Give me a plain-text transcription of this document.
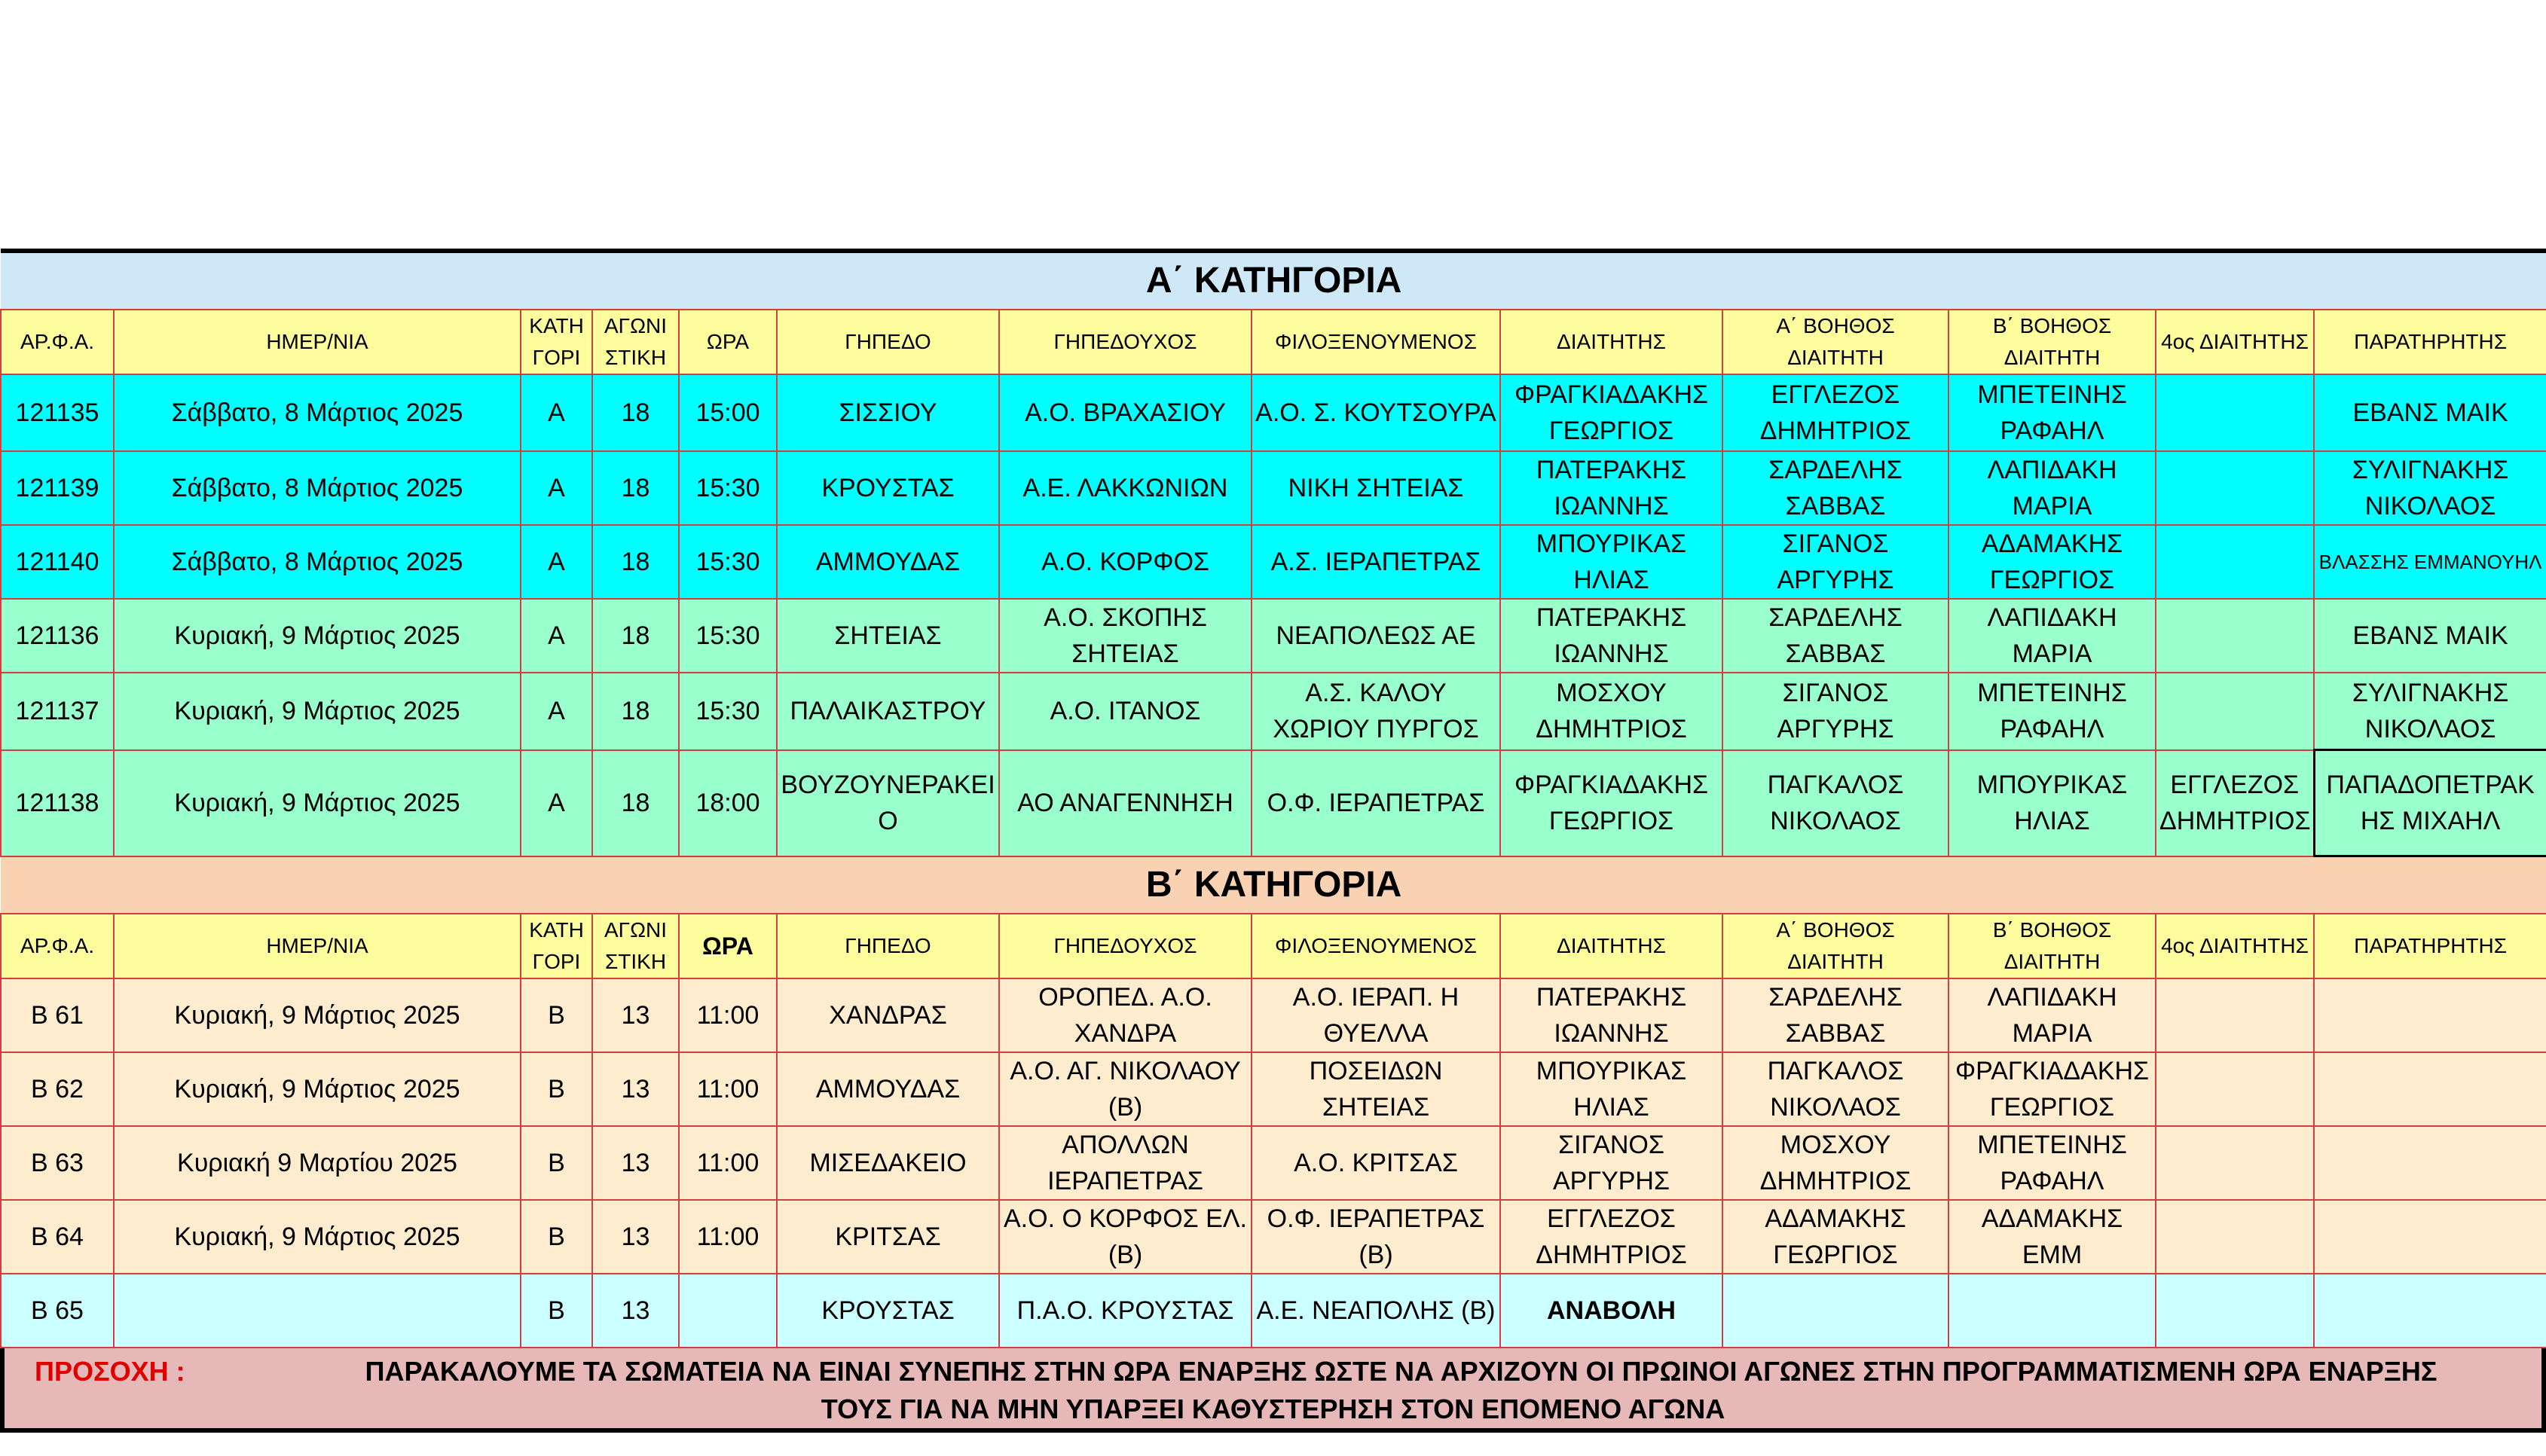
Α΄ ΚΑΤΗΓΟΡΙΑ												
ΑΡ.Φ.Α.	ΗΜΕΡ/ΝΙΑ	ΚΑΤΗ ΓΟΡΙ	ΑΓΩΝΙ ΣΤΙΚΗ	ΩΡΑ	ΓΗΠΕΔΟ	ΓΗΠΕΔΟΥΧΟΣ	ΦΙΛΟΞΕΝΟΥΜΕΝΟΣ	ΔΙΑΙΤΗΤΗΣ	Α΄ ΒΟΗΘΟΣ ΔΙΑΙΤΗΤΗ	Β΄ ΒΟΗΘΟΣ ΔΙΑΙΤΗΤΗ	4ος ΔΙΑΙΤΗΤΗΣ	ΠΑΡΑΤΗΡΗΤΗΣ
121135	Σάββατο, 8 Μάρτιος 2025	Α	18	15:00	ΣΙΣΣΙΟΥ	Α.Ο. ΒΡΑΧΑΣΙΟΥ	Α.Ο. Σ. ΚΟΥΤΣΟΥΡΑ	ΦΡΑΓΚΙΑΔΑΚΗΣ ΓΕΩΡΓΙΟΣ	ΕΓΓΛΕΖΟΣ ΔΗΜΗΤΡΙΟΣ	ΜΠΕΤΕΙΝΗΣ ΡΑΦΑΗΛ		ΕΒΑΝΣ ΜΑΙΚ
121139	Σάββατο, 8 Μάρτιος 2025	Α	18	15:30	ΚΡΟΥΣΤΑΣ	Α.Ε. ΛΑΚΚΩΝΙΩΝ	ΝΙΚΗ ΣΗΤΕΙΑΣ	ΠΑΤΕΡΑΚΗΣ ΙΩΑΝΝΗΣ	ΣΑΡΔΕΛΗΣ ΣΑΒΒΑΣ	ΛΑΠΙΔΑΚΗ ΜΑΡΙΑ		ΣΥΛΙΓΝΑΚΗΣ ΝΙΚΟΛΑΟΣ
121140	Σάββατο, 8 Μάρτιος 2025	Α	18	15:30	ΑΜΜΟΥΔΑΣ	Α.Ο. ΚΟΡΦΟΣ	Α.Σ. ΙΕΡΑΠΕΤΡΑΣ	ΜΠΟΥΡΙΚΑΣ ΗΛΙΑΣ	ΣΙΓΑΝΟΣ ΑΡΓΥΡΗΣ	ΑΔΑΜΑΚΗΣ ΓΕΩΡΓΙΟΣ		ΒΛΑΣΣΗΣ ΕΜΜΑΝΟΥΗΛ
121136	Κυριακή, 9 Μάρτιος 2025	Α	18	15:30	ΣΗΤΕΙΑΣ	Α.Ο. ΣΚΟΠΗΣ ΣΗΤΕΙΑΣ	ΝΕΑΠΟΛΕΩΣ ΑΕ	ΠΑΤΕΡΑΚΗΣ ΙΩΑΝΝΗΣ	ΣΑΡΔΕΛΗΣ ΣΑΒΒΑΣ	ΛΑΠΙΔΑΚΗ ΜΑΡΙΑ		ΕΒΑΝΣ ΜΑΙΚ
121137	Κυριακή, 9 Μάρτιος 2025	Α	18	15:30	ΠΑΛΑΙΚΑΣΤΡΟΥ	Α.Ο. ΙΤΑΝΟΣ	Α.Σ. ΚΑΛΟΥ ΧΩΡΙΟΥ ΠΥΡΓΟΣ	ΜΟΣΧΟΥ ΔΗΜΗΤΡΙΟΣ	ΣΙΓΑΝΟΣ ΑΡΓΥΡΗΣ	ΜΠΕΤΕΙΝΗΣ ΡΑΦΑΗΛ		ΣΥΛΙΓΝΑΚΗΣ ΝΙΚΟΛΑΟΣ
121138	Κυριακή, 9 Μάρτιος 2025	Α	18	18:00	ΒΟΥΖΟΥΝΕΡΑΚΕΙΟ	ΑΟ ΑΝΑΓΕΝΝΗΣΗ	Ο.Φ. ΙΕΡΑΠΕΤΡΑΣ	ΦΡΑΓΚΙΑΔΑΚΗΣ ΓΕΩΡΓΙΟΣ	ΠΑΓΚΑΛΟΣ ΝΙΚΟΛΑΟΣ	ΜΠΟΥΡΙΚΑΣ ΗΛΙΑΣ	ΕΓΓΛΕΖΟΣ ΔΗΜΗΤΡΙΟΣ	ΠΑΠΑΔΟΠΕΤΡΑΚΗΣ ΜΙΧΑΗΛ
Β΄ ΚΑΤΗΓΟΡΙΑ												
ΑΡ.Φ.Α.	ΗΜΕΡ/ΝΙΑ	ΚΑΤΗ ΓΟΡΙ	ΑΓΩΝΙ ΣΤΙΚΗ	ΩΡΑ	ΓΗΠΕΔΟ	ΓΗΠΕΔΟΥΧΟΣ	ΦΙΛΟΞΕΝΟΥΜΕΝΟΣ	ΔΙΑΙΤΗΤΗΣ	Α΄ ΒΟΗΘΟΣ ΔΙΑΙΤΗΤΗ	Β΄ ΒΟΗΘΟΣ ΔΙΑΙΤΗΤΗ	4ος ΔΙΑΙΤΗΤΗΣ	ΠΑΡΑΤΗΡΗΤΗΣ
Β 61	Κυριακή, 9 Μάρτιος 2025	Β	13	11:00	ΧΑΝΔΡΑΣ	ΟΡΟΠΕΔ. Α.Ο. ΧΑΝΔΡΑ	Α.Ο. ΙΕΡΑΠ. Η ΘΥΕΛΛΑ	ΠΑΤΕΡΑΚΗΣ ΙΩΑΝΝΗΣ	ΣΑΡΔΕΛΗΣ ΣΑΒΒΑΣ	ΛΑΠΙΔΑΚΗ ΜΑΡΙΑ		
Β 62	Κυριακή, 9 Μάρτιος 2025	Β	13	11:00	ΑΜΜΟΥΔΑΣ	Α.Ο. ΑΓ. ΝΙΚΟΛΑΟΥ (Β)	ΠΟΣΕΙΔΩΝ ΣΗΤΕΙΑΣ	ΜΠΟΥΡΙΚΑΣ ΗΛΙΑΣ	ΠΑΓΚΑΛΟΣ ΝΙΚΟΛΑΟΣ	ΦΡΑΓΚΙΑΔΑΚΗΣ ΓΕΩΡΓΙΟΣ		
Β 63	Κυριακή 9 Μαρτίου 2025	Β	13	11:00	ΜΙΣΕΔΑΚΕΙΟ	ΑΠΟΛΛΩΝ ΙΕΡΑΠΕΤΡΑΣ	Α.Ο. ΚΡΙΤΣΑΣ	ΣΙΓΑΝΟΣ ΑΡΓΥΡΗΣ	ΜΟΣΧΟΥ ΔΗΜΗΤΡΙΟΣ	ΜΠΕΤΕΙΝΗΣ ΡΑΦΑΗΛ		
Β 64	Κυριακή, 9 Μάρτιος 2025	Β	13	11:00	ΚΡΙΤΣΑΣ	Α.Ο. Ο ΚΟΡΦΟΣ ΕΛ. (Β)	Ο.Φ. ΙΕΡΑΠΕΤΡΑΣ (Β)	ΕΓΓΛΕΖΟΣ ΔΗΜΗΤΡΙΟΣ	ΑΔΑΜΑΚΗΣ ΓΕΩΡΓΙΟΣ	ΑΔΑΜΑΚΗΣ ΕΜΜ		
Β 65		Β	13		ΚΡΟΥΣΤΑΣ	Π.Α.Ο. ΚΡΟΥΣΤΑΣ	Α.Ε. ΝΕΑΠΟΛΗΣ (Β)	ΑΝΑΒΟΛΗ				
ΠΡΟΣΟΧΗ :	ΠΑΡΑΚΑΛΟΥΜΕ ΤΑ ΣΩΜΑΤΕΙΑ ΝΑ ΕΙΝΑΙ ΣΥΝΕΠΗΣ ΣΤΗΝ ΩΡΑ ΕΝΑΡΞΗΣ ΩΣΤΕ ΝΑ ΑΡΧΙΖΟΥΝ ΟΙ ΠΡΩΙΝΟΙ ΑΓΩΝΕΣ ΣΤΗΝ ΠΡΟΓΡΑΜΜΑΤΙΣΜΕΝΗ ΩΡΑ ΕΝΑΡΞΗΣ
ΤΟΥΣ ΓΙΑ ΝΑ ΜΗΝ ΥΠΑΡΞΕΙ ΚΑΘΥΣΤΕΡΗΣΗ ΣΤΟΝ ΕΠΟΜΕΝΟ ΑΓΩΝΑ
